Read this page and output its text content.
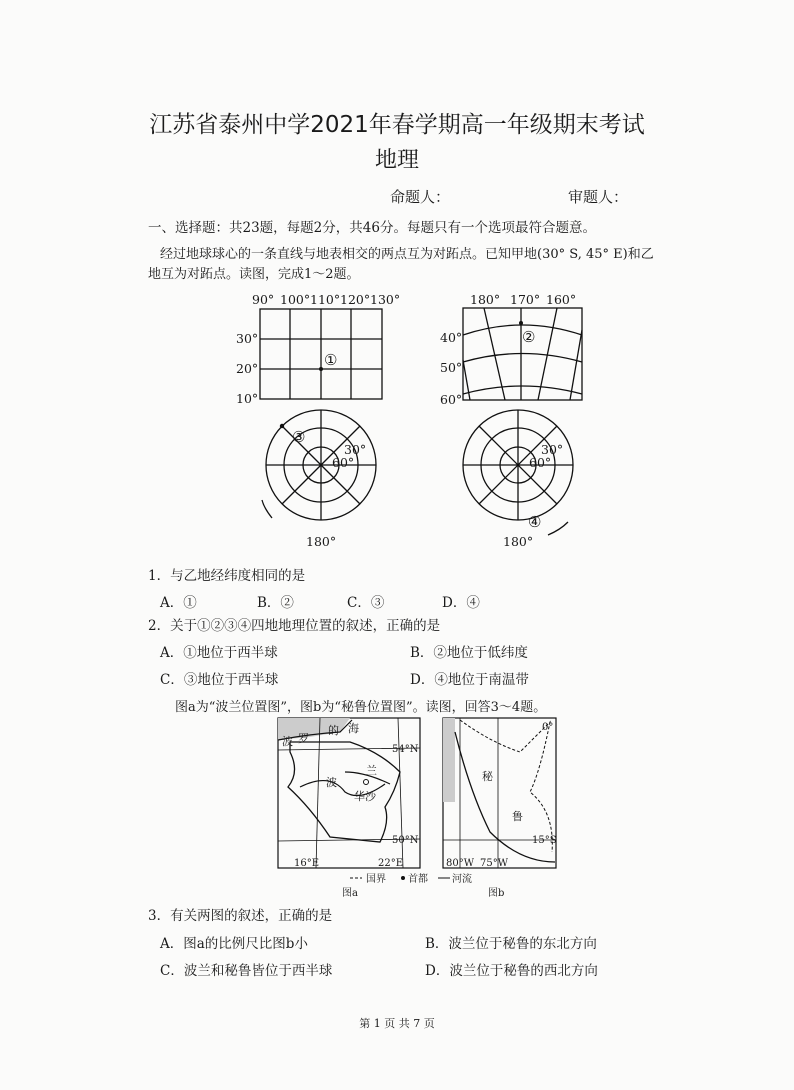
江苏省泰州中学2021年春学期高一年级期末考试
地理
命题人：	审题人：
一、选择题：共23题，每题2分，共46分。每题只有一个选项最符合题意。
经过地球球心的一条直线与地表相交的两点互为对跖点。已知甲地(30° S, 45° E)和乙
地互为对跖点。读图，完成1～2题。
90° 100° 110° 120° 130°
30°
20°
10°
①
180° 170° 160°
40°
50°
60°
②
③
30°
60°
180°
30°
60°
180°
④
1．与乙地经纬度相同的是
A．①	B．②	C．③	D．④
2．关于①②③④四地地理位置的叙述，正确的是
A．①地位于西半球	B．②地位于低纬度
C．③地位于西半球	D．④地位于南温带
图a为“波兰位置图”，图b为“秘鲁位置图”。读图，回答3～4题。
波 罗
的 海
波
兰
华沙
54°N
50°N
16°E	22°E
秘
鲁
0°
15°S
80°W 75°W
国界 首都 河流
图a	图b
3．有关两图的叙述，正确的是
A．图a的比例尺比图b小	B．波兰位于秘鲁的东北方向
C．波兰和秘鲁皆位于西半球	D．波兰位于秘鲁的西北方向
第 1 页 共 7 页
